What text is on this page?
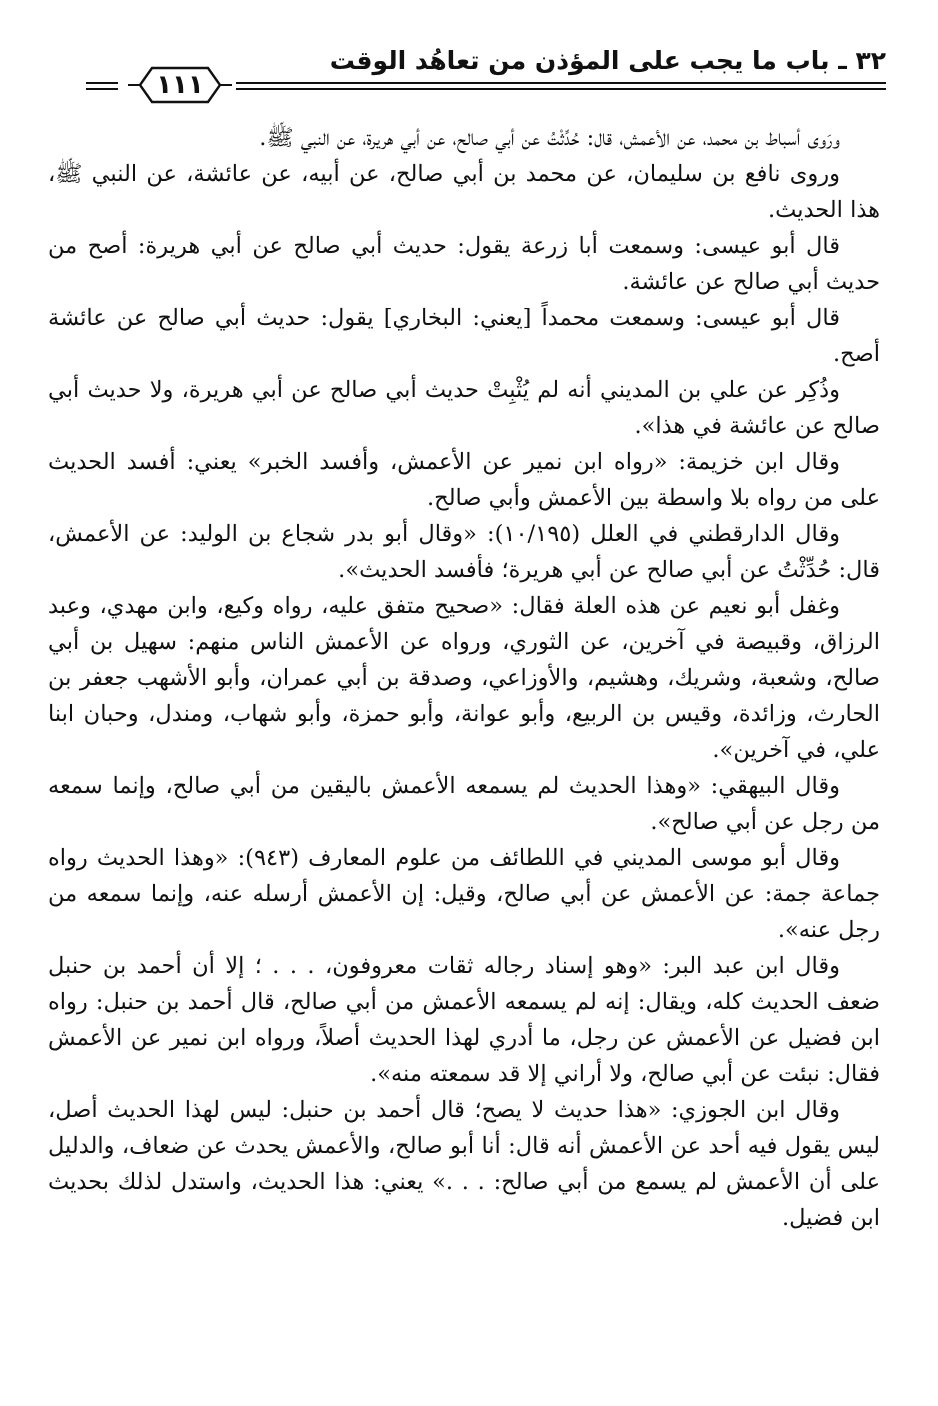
٣٢ ـ باب ما يجب على المؤذن من تعاهُد الوقت
١١١

ورَوى أسباط بن محمد، عن الأعمش، قال: حُدِّثْتُ عن أبي صالح، عن أبي هريرة، عن النبي ﷺ.

وروى نافع بن سليمان، عن محمد بن أبي صالح، عن أبيه، عن عائشة، عن النبي ﷺ، هذا الحديث.

قال أبو عيسى: وسمعت أبا زرعة يقول: حديث أبي صالح عن أبي هريرة: أصح من حديث أبي صالح عن عائشة.

قال أبو عيسى: وسمعت محمداً [يعني: البخاري] يقول: حديث أبي صالح عن عائشة أصح.

وذُكِر عن علي بن المديني أنه لم يُثْبِتْ حديث أبي صالح عن أبي هريرة، ولا حديث أبي صالح عن عائشة في هذا».

وقال ابن خزيمة: «رواه ابن نمير عن الأعمش، وأفسد الخبر» يعني: أفسد الحديث على من رواه بلا واسطة بين الأعمش وأبي صالح.

وقال الدارقطني في العلل (١٠/١٩٥): «وقال أبو بدر شجاع بن الوليد: عن الأعمش، قال: حُدِّثْتُ عن أبي صالح عن أبي هريرة؛ فأفسد الحديث».

وغفل أبو نعيم عن هذه العلة فقال: «صحيح متفق عليه، رواه وكيع، وابن مهدي، وعبد الرزاق، وقبيصة في آخرين، عن الثوري، ورواه عن الأعمش الناس منهم: سهيل بن أبي صالح، وشعبة، وشريك، وهشيم، والأوزاعي، وصدقة بن أبي عمران، وأبو الأشهب جعفر بن الحارث، وزائدة، وقيس بن الربيع، وأبو عوانة، وأبو حمزة، وأبو شهاب، ومندل، وحبان ابنا علي، في آخرين».

وقال البيهقي: «وهذا الحديث لم يسمعه الأعمش باليقين من أبي صالح، وإنما سمعه من رجل عن أبي صالح».

وقال أبو موسى المديني في اللطائف من علوم المعارف (٩٤٣): «وهذا الحديث رواه جماعة جمة: عن الأعمش عن أبي صالح، وقيل: إن الأعمش أرسله عنه، وإنما سمعه من رجل عنه».

وقال ابن عبد البر: «وهو إسناد رجاله ثقات معروفون، . . . ؛ إلا أن أحمد بن حنبل ضعف الحديث كله، ويقال: إنه لم يسمعه الأعمش من أبي صالح، قال أحمد بن حنبل: رواه ابن فضيل عن الأعمش عن رجل، ما أدري لهذا الحديث أصلاً، ورواه ابن نمير عن الأعمش فقال: نبئت عن أبي صالح، ولا أراني إلا قد سمعته منه».

وقال ابن الجوزي: «هذا حديث لا يصح؛ قال أحمد بن حنبل: ليس لهذا الحديث أصل، ليس يقول فيه أحد عن الأعمش أنه قال: أنا أبو صالح، والأعمش يحدث عن ضعاف، والدليل على أن الأعمش لم يسمع من أبي صالح: . . .» يعني: هذا الحديث، واستدل لذلك بحديث ابن فضيل.
